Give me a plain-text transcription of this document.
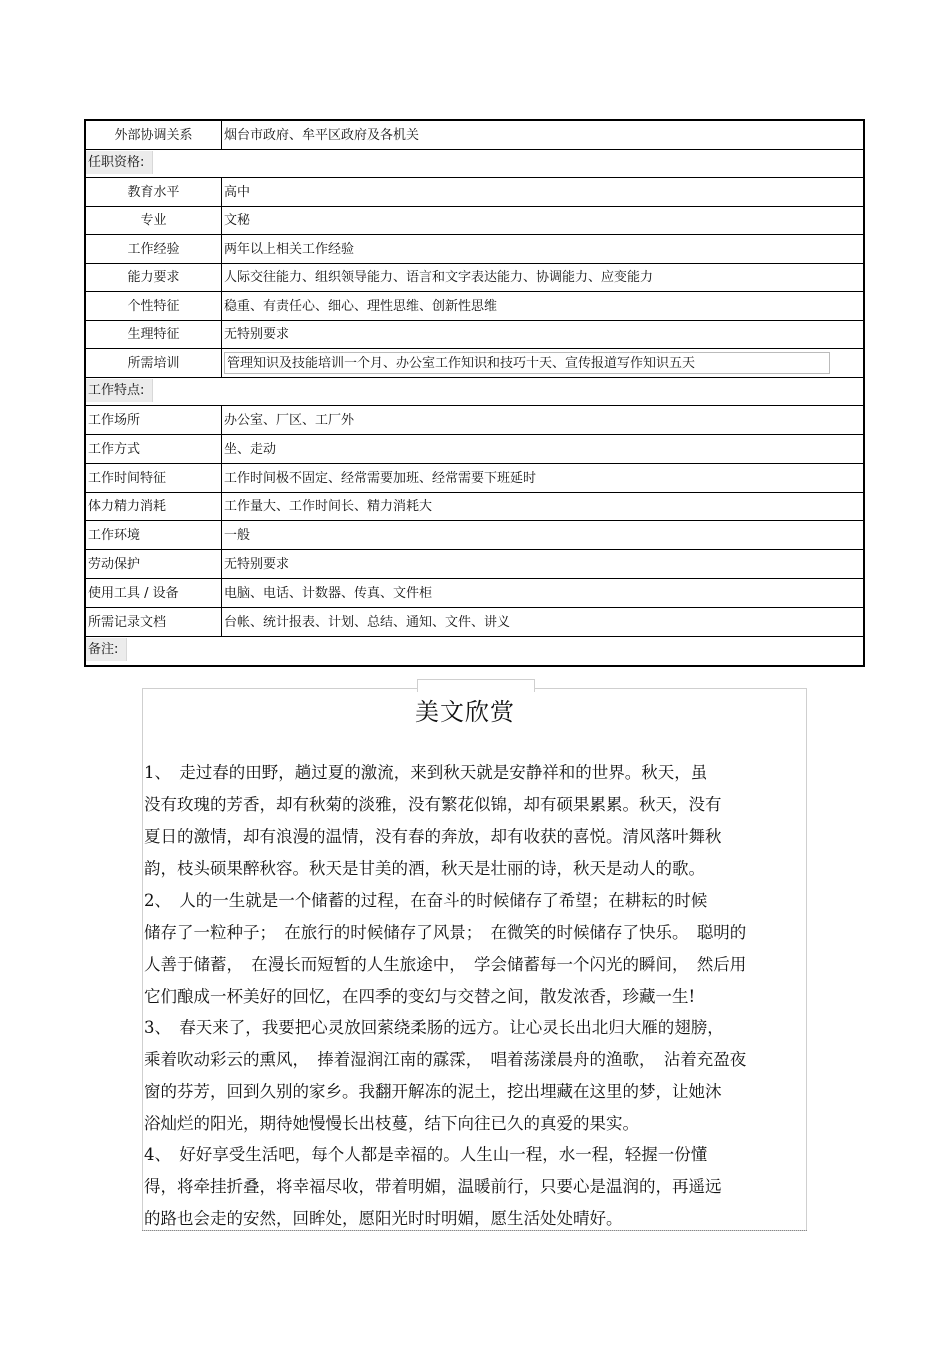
外部协调关系	烟台市政府、牟平区政府及各机关
任职资格:
教育水平	高中
专业	文秘
工作经验	两年以上相关工作经验
能力要求	人际交往能力、组织领导能力、语言和文字表达能力、协调能力、应变能力
个性特征	稳重、有责任心、细心、理性思维、创新性思维
生理特征	无特别要求
所需培训	管理知识及技能培训一个月、办公室工作知识和技巧十天、宣传报道写作知识五天
工作特点:
工作场所	办公室、厂区、工厂外
工作方式	坐、走动
工作时间特征	工作时间极不固定、经常需要加班、经常需要下班延时
体力精力消耗	工作量大、工作时间长、精力消耗大
工作环境	一般
劳动保护	无特别要求
使用工具 / 设备	电脑、电话、计数器、传真、文件柜
所需记录文档	台帐、统计报表、计划、总结、通知、文件、讲义
备注:
美文欣赏
1、　走过春的田野，趟过夏的激流，来到秋天就是安静祥和的世界。秋天，虽
没有玫瑰的芳香，却有秋菊的淡雅，没有繁花似锦，却有硕果累累。秋天，没有
夏日的激情，却有浪漫的温情，没有春的奔放，却有收获的喜悦。清风落叶舞秋
韵，枝头硕果醉秋容。秋天是甘美的酒，秋天是壮丽的诗，秋天是动人的歌。
2、　人的一生就是一个储蓄的过程，在奋斗的时候储存了希望；在耕耘的时候
储存了一粒种子；　在旅行的时候储存了风景；　在微笑的时候储存了快乐。　聪明的
人善于储蓄，　在漫长而短暂的人生旅途中，　学会储蓄每一个闪光的瞬间，　然后用
它们酿成一杯美好的回忆，在四季的变幻与交替之间，散发浓香，珍藏一生!
3、　春天来了，我要把心灵放回萦绕柔肠的远方。让心灵长出北归大雁的翅膀，
乘着吹动彩云的熏风，　捧着湿润江南的霡霂，　唱着荡漾晨舟的渔歌，　沾着充盈夜
窗的芬芳，回到久别的家乡。我翻开解冻的泥土，挖出埋藏在这里的梦，让她沐
浴灿烂的阳光，期待她慢慢长出枝蔓，结下向往已久的真爱的果实。
4、　好好享受生活吧，每个人都是幸福的。人生山一程，水一程，轻握一份懂
得，将牵挂折叠，将幸福尽收，带着明媚，温暖前行，只要心是温润的，再遥远
的路也会走的安然，回眸处，愿阳光时时明媚，愿生活处处晴好。
